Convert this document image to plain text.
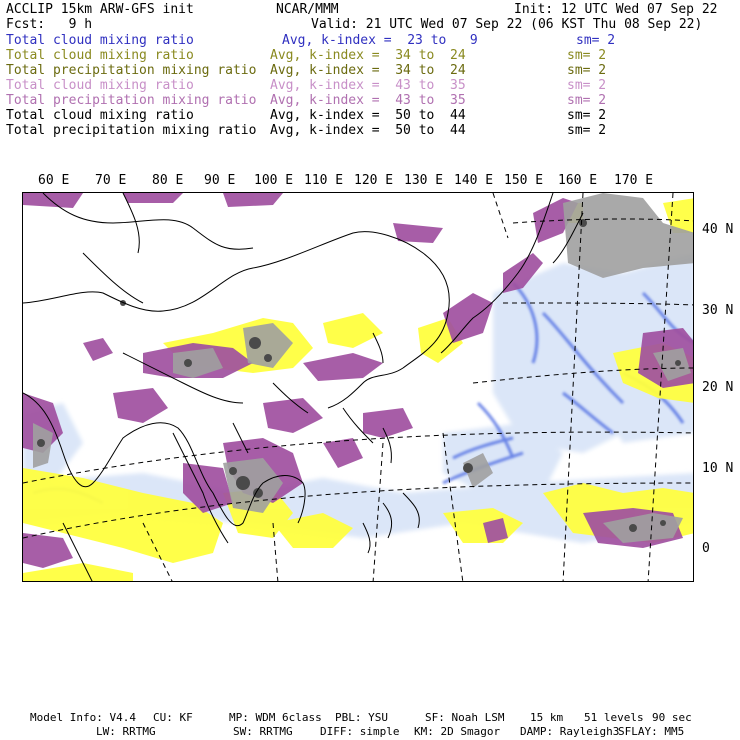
ACCLIP 15km ARW-GFS init	NCAR/MMM	Init: 12 UTC Wed 07 Sep 22
Fcst:   9 h	Valid: 21 UTC Wed 07 Sep 22 (06 KST Thu 08 Sep 22)
Total cloud mixing ratio	Avg, k-index =  23 to   9	sm= 2
Total cloud mixing ratio	Avg, k-index =  34 to  24	sm= 2
Total precipitation mixing ratio Avg, k-index =  34 to  24	sm= 2
Total cloud mixing ratio	Avg, k-index =  43 to  35	sm= 2
Total precipitation mixing ratio Avg, k-index =  43 to  35	sm= 2
Total cloud mixing ratio	Avg, k-index =  50 to  44	sm= 2
Total precipitation mixing ratio Avg, k-index =  50 to  44	sm= 2
60 E 70 E 80 E 90 E 100 E 110 E 120 E 130 E 140 E 150 E 160 E 170 E
40 N
30 N
20 N
10 N
0
Model Info: V4.4 CU: KF	MP: WDM 6class PBL: YSU	SF: Noah LSM 15 km 51 levels 90 sec
LW: RRTMG	SW: RRTMG DIFF: simple KM: 2D Smagor DAMP: Rayleigh3
SFLAY: MM5
